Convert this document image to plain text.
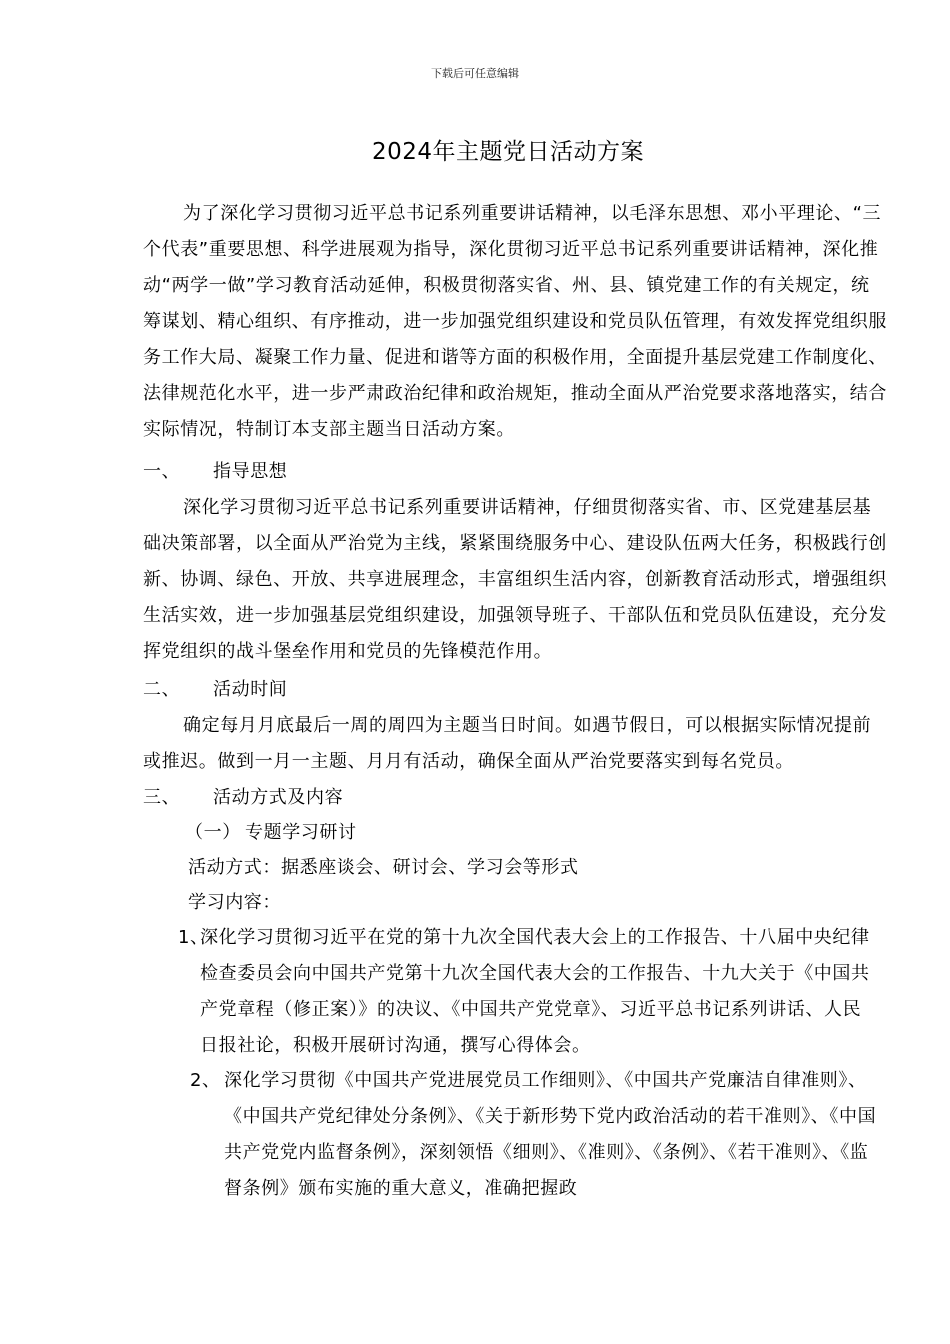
下载后可任意编辑
2024年主题党日活动方案

为了深化学习贯彻习近平总书记系列重要讲话精神，以毛泽东思想、邓小平理论、“三个代表”重要思想、科学进展观为指导，深化贯彻习近平总书记系列重要讲话精神，深化推动“两学一做”学习教育活动延伸，积极贯彻落实省、州、县、镇党建工作的有关规定，统筹谋划、精心组织、有序推动，进一步加强党组织建设和党员队伍管理，有效发挥党组织服务工作大局、凝聚工作力量、促进和谐等方面的积极作用，全面提升基层党建工作制度化、法律规范化水平，进一步严肃政治纪律和政治规矩，推动全面从严治党要求落地落实，结合实际情况，特制订本支部主题当日活动方案。

一、 指导思想

深化学习贯彻习近平总书记系列重要讲话精神，仔细贯彻落实省、市、区党建基层基础决策部署，以全面从严治党为主线，紧紧围绕服务中心、建设队伍两大任务，积极践行创新、协调、绿色、开放、共享进展理念，丰富组织生活内容，创新教育活动形式，增强组织生活实效，进一步加强基层党组织建设，加强领导班子、干部队伍和党员队伍建设，充分发挥党组织的战斗堡垒作用和党员的先锋模范作用。

二、 活动时间

确定每月月底最后一周的周四为主题当日时间。如遇节假日，可以根据实际情况提前或推迟。做到一月一主题、月月有活动，确保全面从严治党要落实到每名党员。

三、 活动方式及内容
（一） 专题学习研讨
活动方式：据悉座谈会、研讨会、学习会等形式
学习内容：
1、

深化学习贯彻习近平在党的第十九次全国代表大会上的工作报告、十八届中央纪律检查委员会向中国共产党第十九次全国代表大会的工作报告、十九大关于《中国共产党章程（修正案）》的决议、《中国共产党党章》、习近平总书记系列讲话、人民日报社论，积极开展研讨沟通，撰写心得体会。

2、 深化学习贯彻《中国共产党进展党员工作细则》、《中国共产党廉洁自律准则》、《中国共产党纪律处分条例》、《关于新形势下党内政治活动的若干准则》、《中国共产党党内监督条例》，深刻领悟《细则》、《准则》、《条例》、《若干准则》、《监督条例》颁布实施的重大意义，准确把握政
